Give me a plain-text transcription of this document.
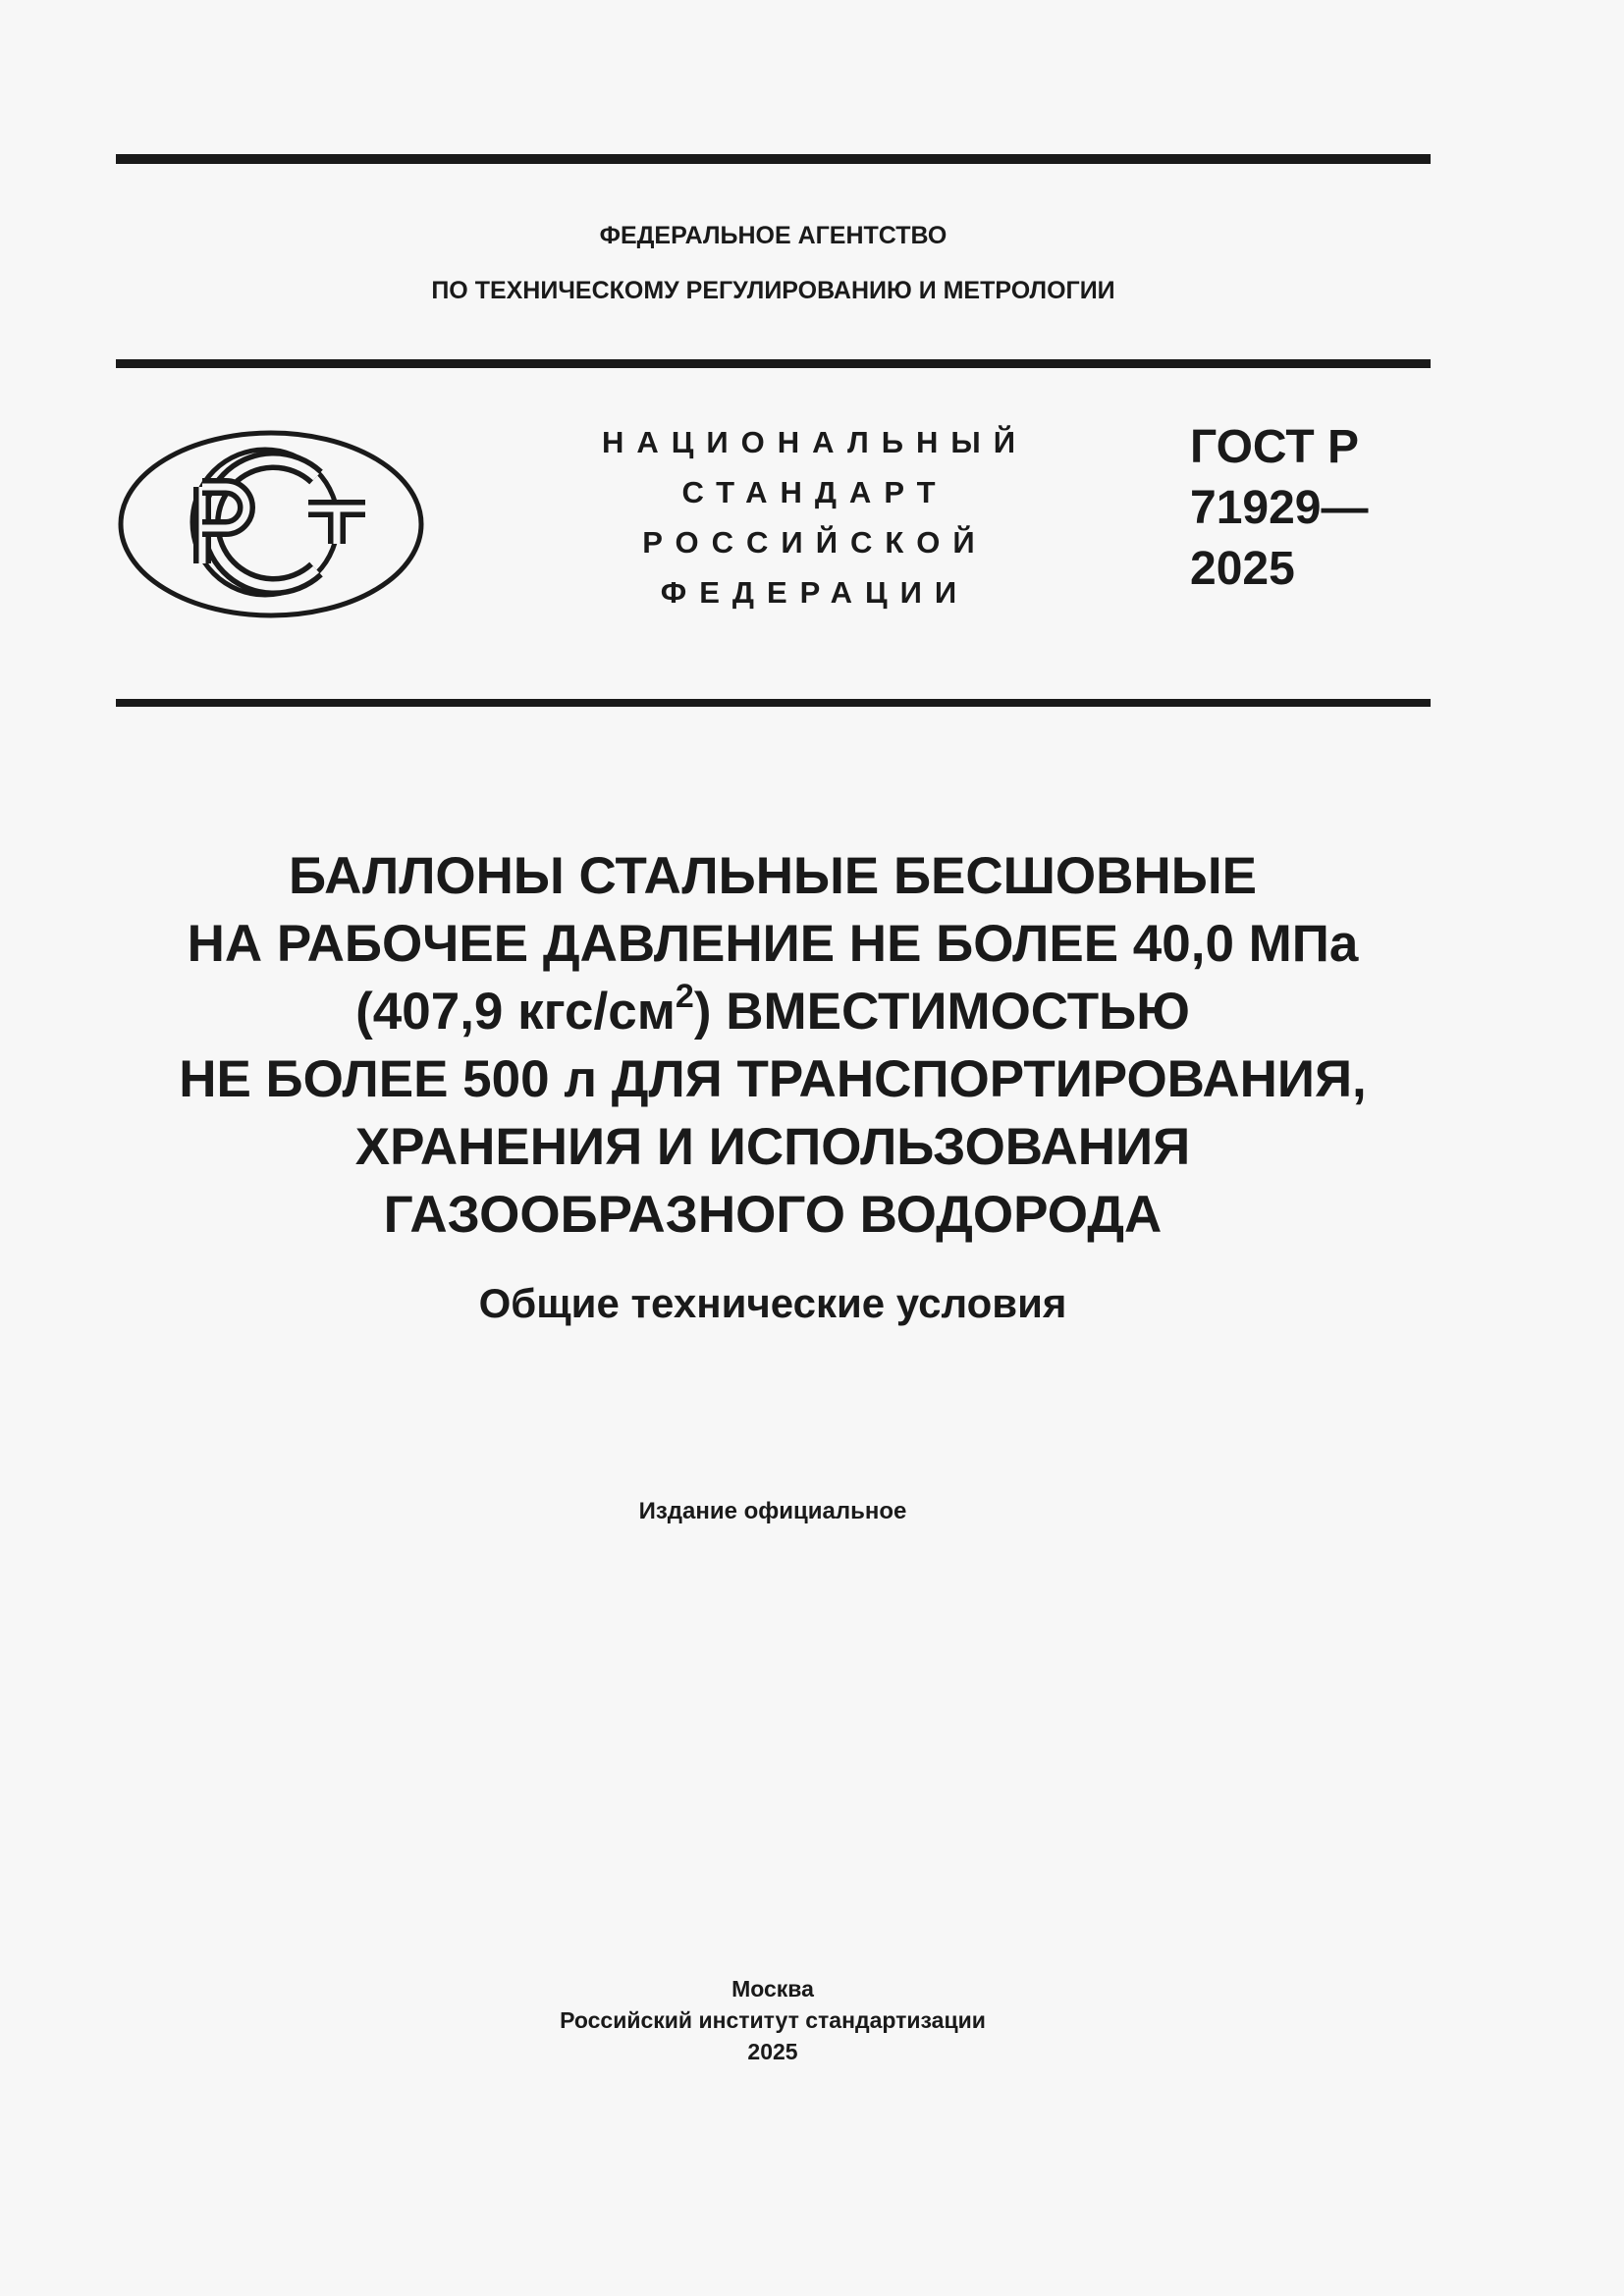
ФЕДЕРАЛЬНОЕ АГЕНТСТВО
ПО ТЕХНИЧЕСКОМУ РЕГУЛИРОВАНИЮ И МЕТРОЛОГИИ
НАЦИОНАЛЬНЫЙ
СТАНДАРТ
РОССИЙСКОЙ
ФЕДЕРАЦИИ
ГОСТ Р
71929—
2025
БАЛЛОНЫ СТАЛЬНЫЕ БЕСШОВНЫЕ
НА РАБОЧЕЕ ДАВЛЕНИЕ НЕ БОЛЕЕ 40,0 МПа
(407,9 кгс/$см^2$) ВМЕСТИМОСТЬЮ
НЕ БОЛЕЕ 500 л ДЛЯ ТРАНСПОРТИРОВАНИЯ,
ХРАНЕНИЯ И ИСПОЛЬЗОВАНИЯ
ГАЗООБРАЗНОГО ВОДОРОДА
Общие технические условия
Издание официальное
Москва
Российский институт стандартизации
2025
